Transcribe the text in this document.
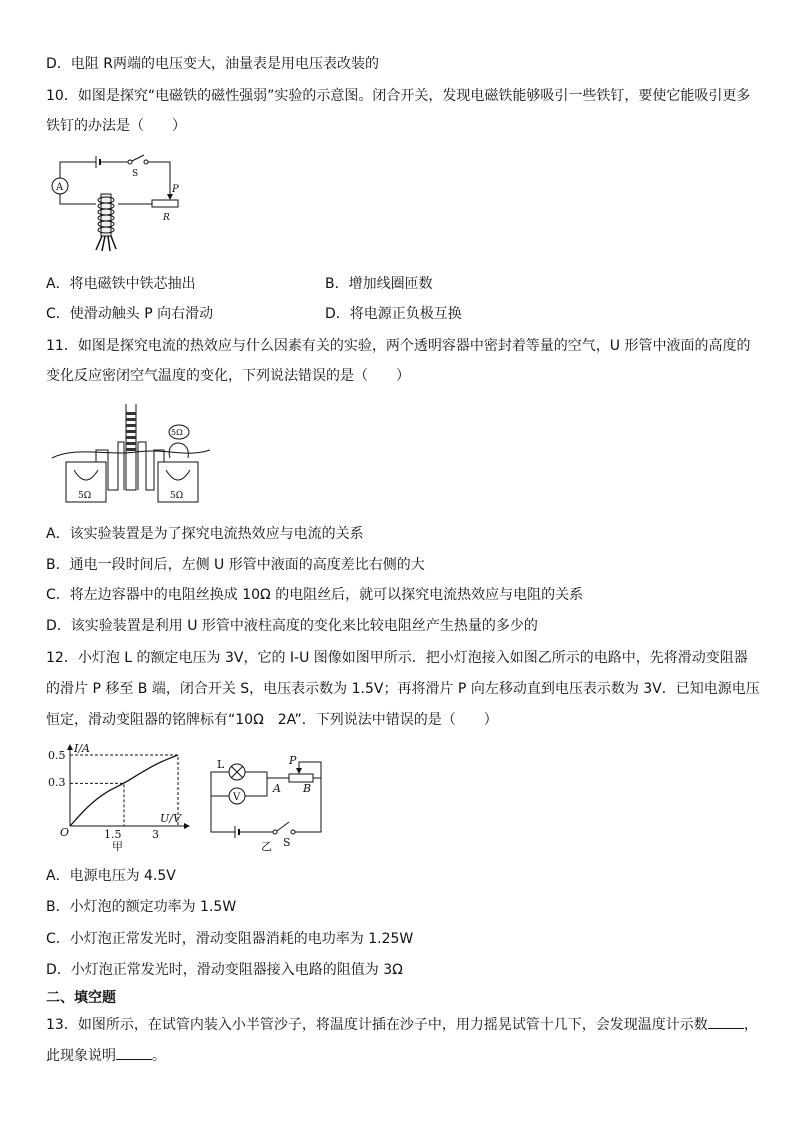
D．电阻 R两端的电压变大，油量表是用电压表改装的
10．如图是探究“电磁铁的磁性强弱”实验的示意图。闭合开关，发现电磁铁能够吸引一些铁钉，要使它能吸引更多
铁钉的办法是（　　）
A
S
P
R
A．将电磁铁中铁芯抽出	B．增加线圈匝数
C．使滑动触头 P 向右滑动	D．将电源正负极互换
11．如图是探究电流的热效应与什么因素有关的实验，两个透明容器中密封着等量的空气，U 形管中液面的高度的
变化反应密闭空气温度的变化，下列说法错误的是（　　）
5Ω	5Ω
5Ω
A．该实验装置是为了探究电流热效应与电流的关系
B．通电一段时间后，左侧 U 形管中液面的高度差比右侧的大
C．将左边容器中的电阻丝换成 10Ω 的电阻丝后，就可以探究电流热效应与电阻的关系
D．该实验装置是利用 U 形管中液柱高度的变化来比较电阻丝产生热量的多少的
12．小灯泡 L 的额定电压为 3V，它的 I-U 图像如图甲所示．把小灯泡接入如图乙所示的电路中，先将滑动变阻器
的滑片 P 移至 B 端，闭合开关 S，电压表示数为 1.5V；再将滑片 P 向左移动直到电压表示数为 3V．已知电源电压
恒定，滑动变阻器的铭牌标有“10Ω　2A”．下列说法中错误的是（　　）
I/A
U/V
O
0.5
0.3
1.5	3
甲	S
L
V
P
A B
乙
A．电源电压为 4.5V
B．小灯泡的额定功率为 1.5W
C．小灯泡正常发光时，滑动变阻器消耗的电功率为 1.25W
D．小灯泡正常发光时，滑动变阻器接入电路的阻值为 3Ω
二、填空题
13．如图所示，在试管内装入小半管沙子，将温度计插在沙子中，用力摇晃试管十几下，会发现温度计示数	，
此现象说明	。
